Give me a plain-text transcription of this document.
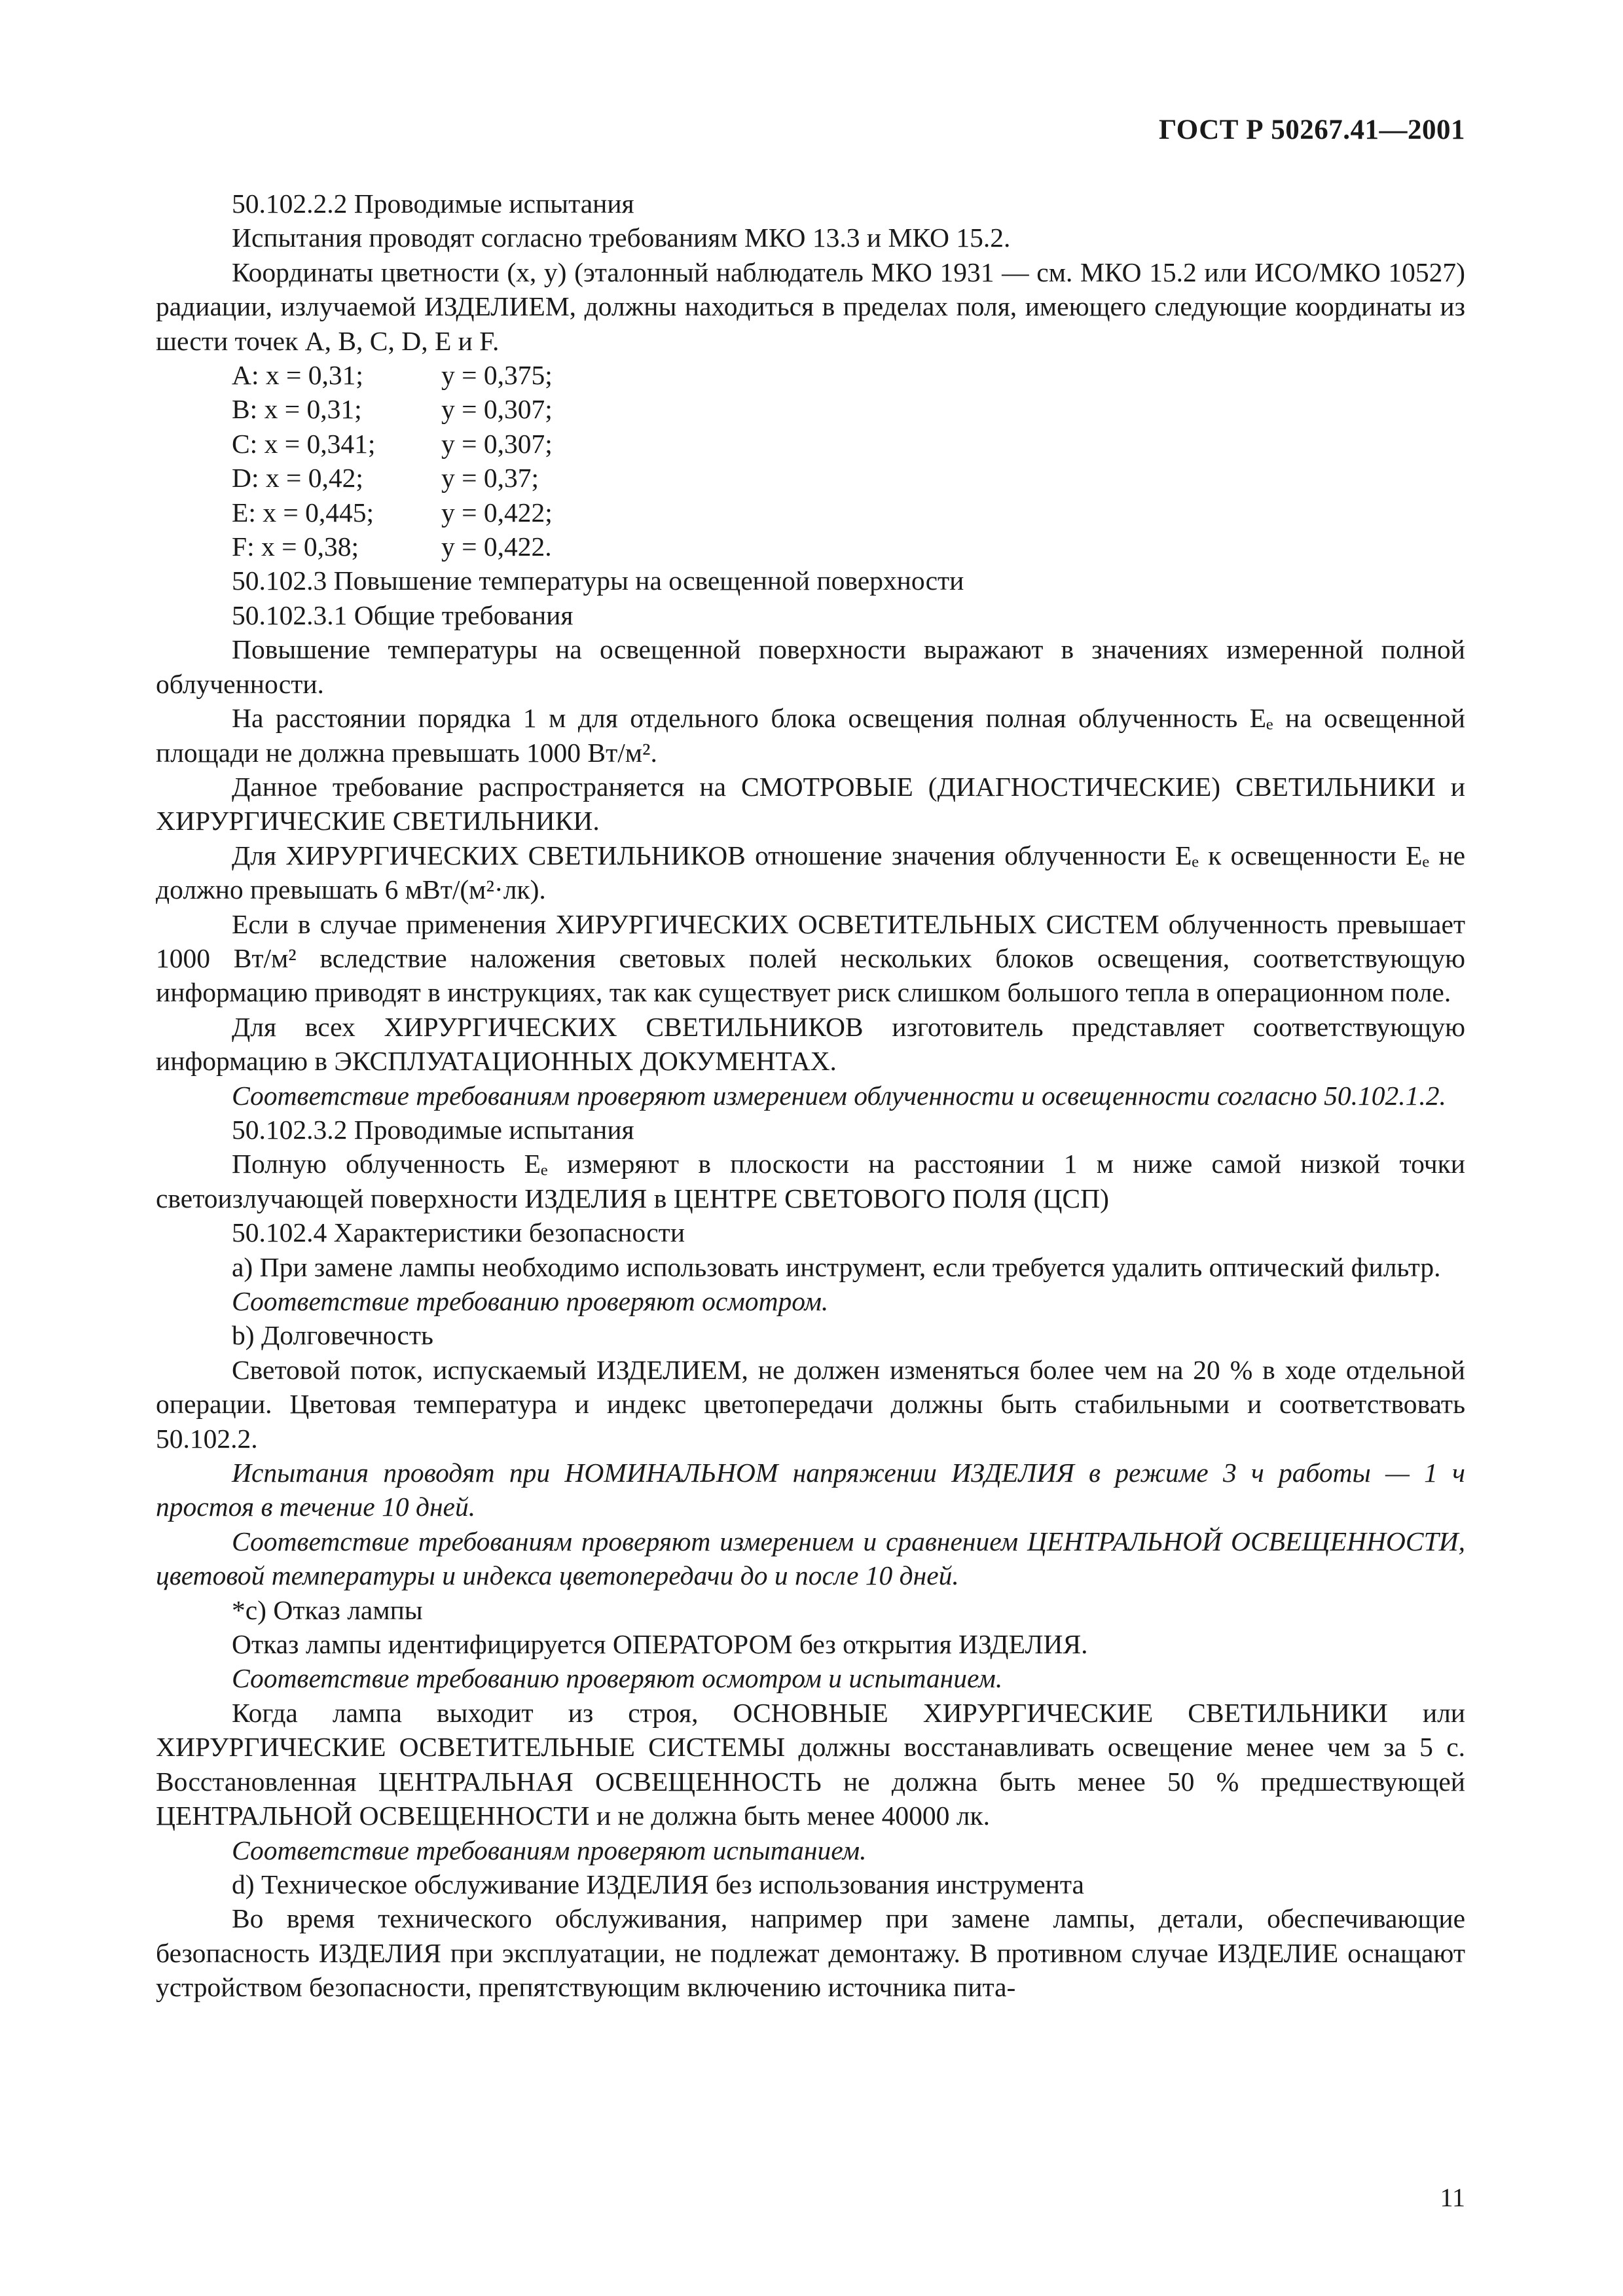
ГОСТ Р 50267.41—2001

50.102.2.2 Проводимые испытания

Испытания проводят согласно требованиям МКО 13.3 и МКО 15.2.

Координаты цветности (x, y) (эталонный наблюдатель МКО 1931 — см. МКО 15.2 или ИСО/МКО 10527) радиации, излучаемой ИЗДЕЛИЕМ, должны находиться в пределах поля, имеющего следующие координаты из шести точек A, B, C, D, E и F.

A: x = 0,31;	y = 0,375;
B: x = 0,31;	y = 0,307;
C: x = 0,341;	y = 0,307;
D: x = 0,42;	y = 0,37;
E: x = 0,445;	y = 0,422;
F: x = 0,38;	y = 0,422.

50.102.3 Повышение температуры на освещенной поверхности

50.102.3.1 Общие требования

Повышение температуры на освещенной поверхности выражают в значениях измеренной полной облученности.

На расстоянии порядка 1 м для отдельного блока освещения полная облученность Eₑ на освещенной площади не должна превышать 1000 Вт/м².

Данное требование распространяется на СМОТРОВЫЕ (ДИАГНОСТИЧЕСКИЕ) СВЕТИЛЬНИКИ и ХИРУРГИЧЕСКИЕ СВЕТИЛЬНИКИ.

Для ХИРУРГИЧЕСКИХ СВЕТИЛЬНИКОВ отношение значения облученности Eₑ к освещенности Eₑ не должно превышать 6 мВт/(м²·лк).

Если в случае применения ХИРУРГИЧЕСКИХ ОСВЕТИТЕЛЬНЫХ СИСТЕМ облученность превышает 1000 Вт/м² вследствие наложения световых полей нескольких блоков освещения, соответствующую информацию приводят в инструкциях, так как существует риск слишком большого тепла в операционном поле.

Для всех ХИРУРГИЧЕСКИХ СВЕТИЛЬНИКОВ изготовитель представляет соответствующую информацию в ЭКСПЛУАТАЦИОННЫХ ДОКУМЕНТАХ.

Соответствие требованиям проверяют измерением облученности и освещенности согласно 50.102.1.2.

50.102.3.2 Проводимые испытания

Полную облученность Eₑ измеряют в плоскости на расстоянии 1 м ниже самой низкой точки светоизлучающей поверхности ИЗДЕЛИЯ в ЦЕНТРЕ СВЕТОВОГО ПОЛЯ (ЦСП)

50.102.4 Характеристики безопасности

a) При замене лампы необходимо использовать инструмент, если требуется удалить оптический фильтр.

Соответствие требованию проверяют осмотром.

b) Долговечность

Световой поток, испускаемый ИЗДЕЛИЕМ, не должен изменяться более чем на 20 % в ходе отдельной операции. Цветовая температура и индекс цветопередачи должны быть стабильными и соответствовать 50.102.2.

Испытания проводят при НОМИНАЛЬНОМ напряжении ИЗДЕЛИЯ в режиме 3 ч работы — 1 ч простоя в течение 10 дней.

Соответствие требованиям проверяют измерением и сравнением ЦЕНТРАЛЬНОЙ ОСВЕЩЕННОСТИ, цветовой температуры и индекса цветопередачи до и после 10 дней.

*c) Отказ лампы

Отказ лампы идентифицируется ОПЕРАТОРОМ без открытия ИЗДЕЛИЯ.

Соответствие требованию проверяют осмотром и испытанием.

Когда лампа выходит из строя, ОСНОВНЫЕ ХИРУРГИЧЕСКИЕ СВЕТИЛЬНИКИ или ХИРУРГИЧЕСКИЕ ОСВЕТИТЕЛЬНЫЕ СИСТЕМЫ должны восстанавливать освещение менее чем за 5 с. Восстановленная ЦЕНТРАЛЬНАЯ ОСВЕЩЕННОСТЬ не должна быть менее 50 % предшествующей ЦЕНТРАЛЬНОЙ ОСВЕЩЕННОСТИ и не должна быть менее 40000 лк.

Соответствие требованиям проверяют испытанием.

d) Техническое обслуживание ИЗДЕЛИЯ без использования инструмента

Во время технического обслуживания, например при замене лампы, детали, обеспечивающие безопасность ИЗДЕЛИЯ при эксплуатации, не подлежат демонтажу. В противном случае ИЗДЕЛИЕ оснащают устройством безопасности, препятствующим включению источника пита-

11
